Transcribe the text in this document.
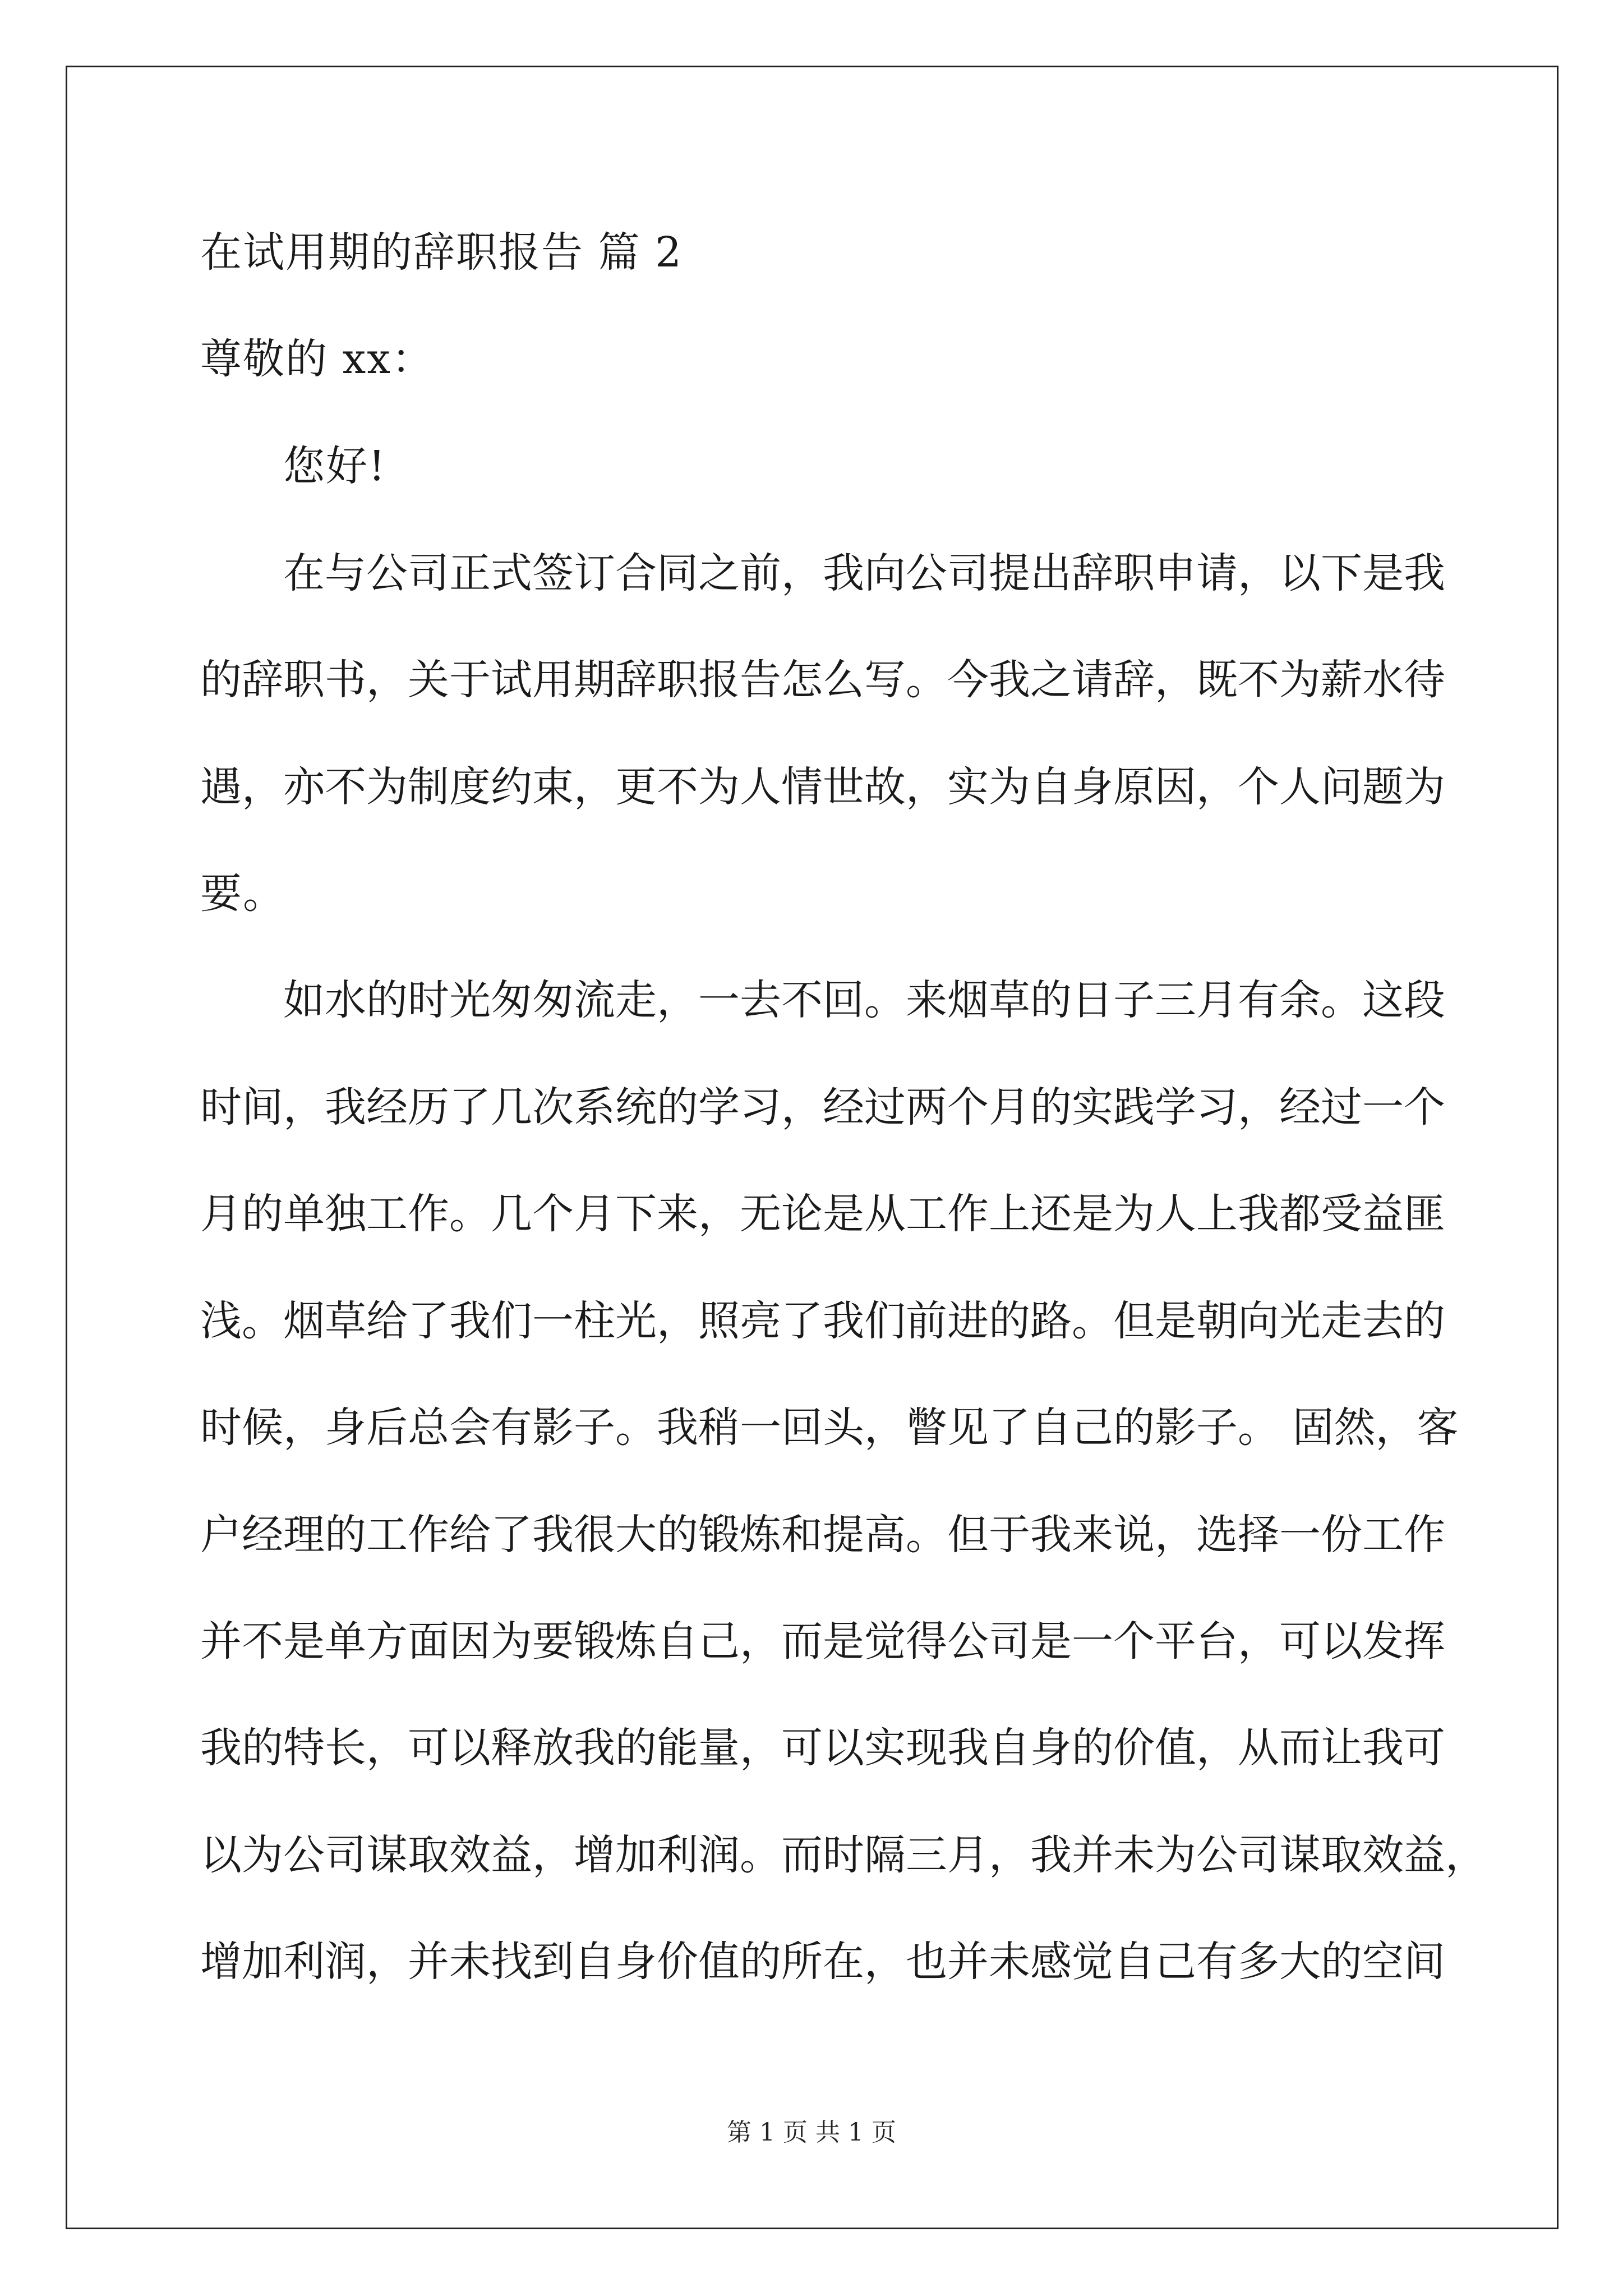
在试用期的辞职报告 篇 2
尊敬的 xx：
您好!
在与公司正式签订合同之前，我向公司提出辞职申请，以下是我
的辞职书，关于试用期辞职报告怎么写。今我之请辞，既不为薪水待
遇，亦不为制度约束，更不为人情世故，实为自身原因，个人问题为
要。
如水的时光匆匆流走，一去不回。来烟草的日子三月有余。这段
时间，我经历了几次系统的学习，经过两个月的实践学习，经过一个
月的单独工作。几个月下来，无论是从工作上还是为人上我都受益匪
浅。烟草给了我们一柱光，照亮了我们前进的路。但是朝向光走去的
时候，身后总会有影子。我稍一回头，瞥见了自己的影子。 固然，客
户经理的工作给了我很大的锻炼和提高。但于我来说，选择一份工作
并不是单方面因为要锻炼自己，而是觉得公司是一个平台，可以发挥
我的特长，可以释放我的能量，可以实现我自身的价值，从而让我可
以为公司谋取效益，增加利润。而时隔三月，我并未为公司谋取效益，
增加利润，并未找到自身价值的所在，也并未感觉自己有多大的空间
第 1 页 共 1 页
